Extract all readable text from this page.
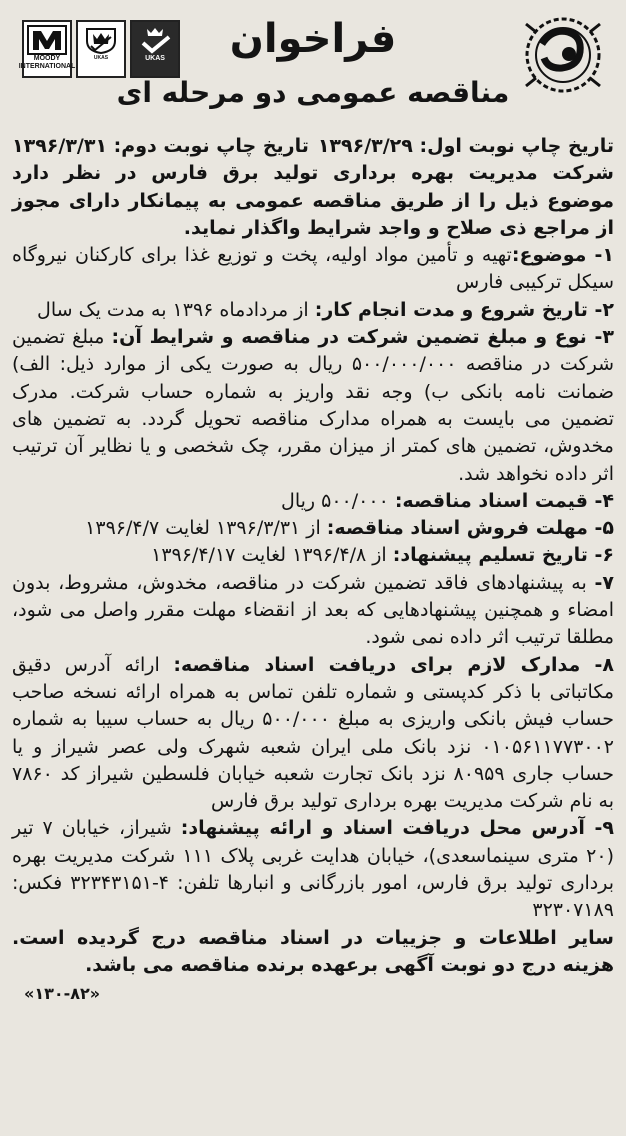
MOODY INTERNATIONAL
UKAS	UKAS	فراخوان
مناقصه عمومی دو مرحله ای
تاریخ چاپ نوبت اول: ۱۳۹۶/۳/۲۹
تاریخ چاپ نوبت دوم: ۱۳۹۶/۳/۳۱

شرکت مدیریت بهره برداری تولید برق فارس در نظر دارد موضوع ذیل را از طریق مناقصه عمومی به پیمانکار دارای مجوز از مراجع ذی صلاح و واجد شرایط واگذار نماید.

۱- موضوع:تهیه و تأمین مواد اولیه، پخت و توزیع غذا برای کارکنان نیروگاه سیکل ترکیبی فارس

۲- تاریخ شروع و مدت انجام کار: از مردادماه ۱۳۹۶ به مدت یک سال

۳- نوع و مبلغ تضمین شرکت در مناقصه و شرایط آن: مبلغ تضمین شرکت در مناقصه ۵۰۰/۰۰۰/۰۰۰ ریال به صورت یکی از موارد ذیل: الف) ضمانت نامه بانکی ب) وجه نقد واریز به شماره حساب شرکت. مدرک تضمین می بایست به همراه مدارک مناقصه تحویل گردد. به تضمین های مخدوش، تضمین های کمتر از میزان مقرر، چک شخصی و یا نظایر آن ترتیب اثر داده نخواهد شد.

۴- قیمت اسناد مناقصه: ۵۰۰/۰۰۰ ریال

۵- مهلت فروش اسناد مناقصه: از ۱۳۹۶/۳/۳۱ لغایت ۱۳۹۶/۴/۷

۶- تاریخ تسلیم پیشنهاد: از ۱۳۹۶/۴/۸ لغایت ۱۳۹۶/۴/۱۷

۷- به پیشنهادهای فاقد تضمین شرکت در مناقصه، مخدوش، مشروط، بدون امضاء و همچنین پیشنهادهایی که بعد از انقضاء مهلت مقرر واصل می شود، مطلقا ترتیب اثر داده نمی شود.

۸- مدارک لازم برای دریافت اسناد مناقصه: ارائه آدرس دقیق مکاتباتی با ذکر کدپستی و شماره تلفن تماس به همراه ارائه نسخه صاحب حساب فیش بانکی واریزی به مبلغ ۵۰۰/۰۰۰ ریال به حساب سیبا به شماره ۰۱۰۵۶۱۱۷۷۳۰۰۲ نزد بانک ملی ایران شعبه شهرک ولی عصر شیراز و یا حساب جاری ۸۰۹۵۹ نزد بانک تجارت شعبه خیابان فلسطین شیراز کد ۷۸۶۰ به نام شرکت مدیریت بهره برداری تولید برق فارس

۹- آدرس محل دریافت اسناد و ارائه پیشنهاد: شیراز، خیابان ۷ تیر (۲۰ متری سینماسعدی)، خیابان هدایت غربی پلاک ۱۱۱ شرکت مدیریت بهره برداری تولید برق فارس، امور بازرگانی و انبارها تلفن: ۴-۳۲۳۴۳۱۵۱ فکس: ۳۲۳۰۷۱۸۹

سایر اطلاعات و جزییات در اسناد مناقصه درج گردیده است. هزینه درج دو نوبت آگهی برعهده برنده مناقصه می باشد.

«۱۳۰-۸۲»
